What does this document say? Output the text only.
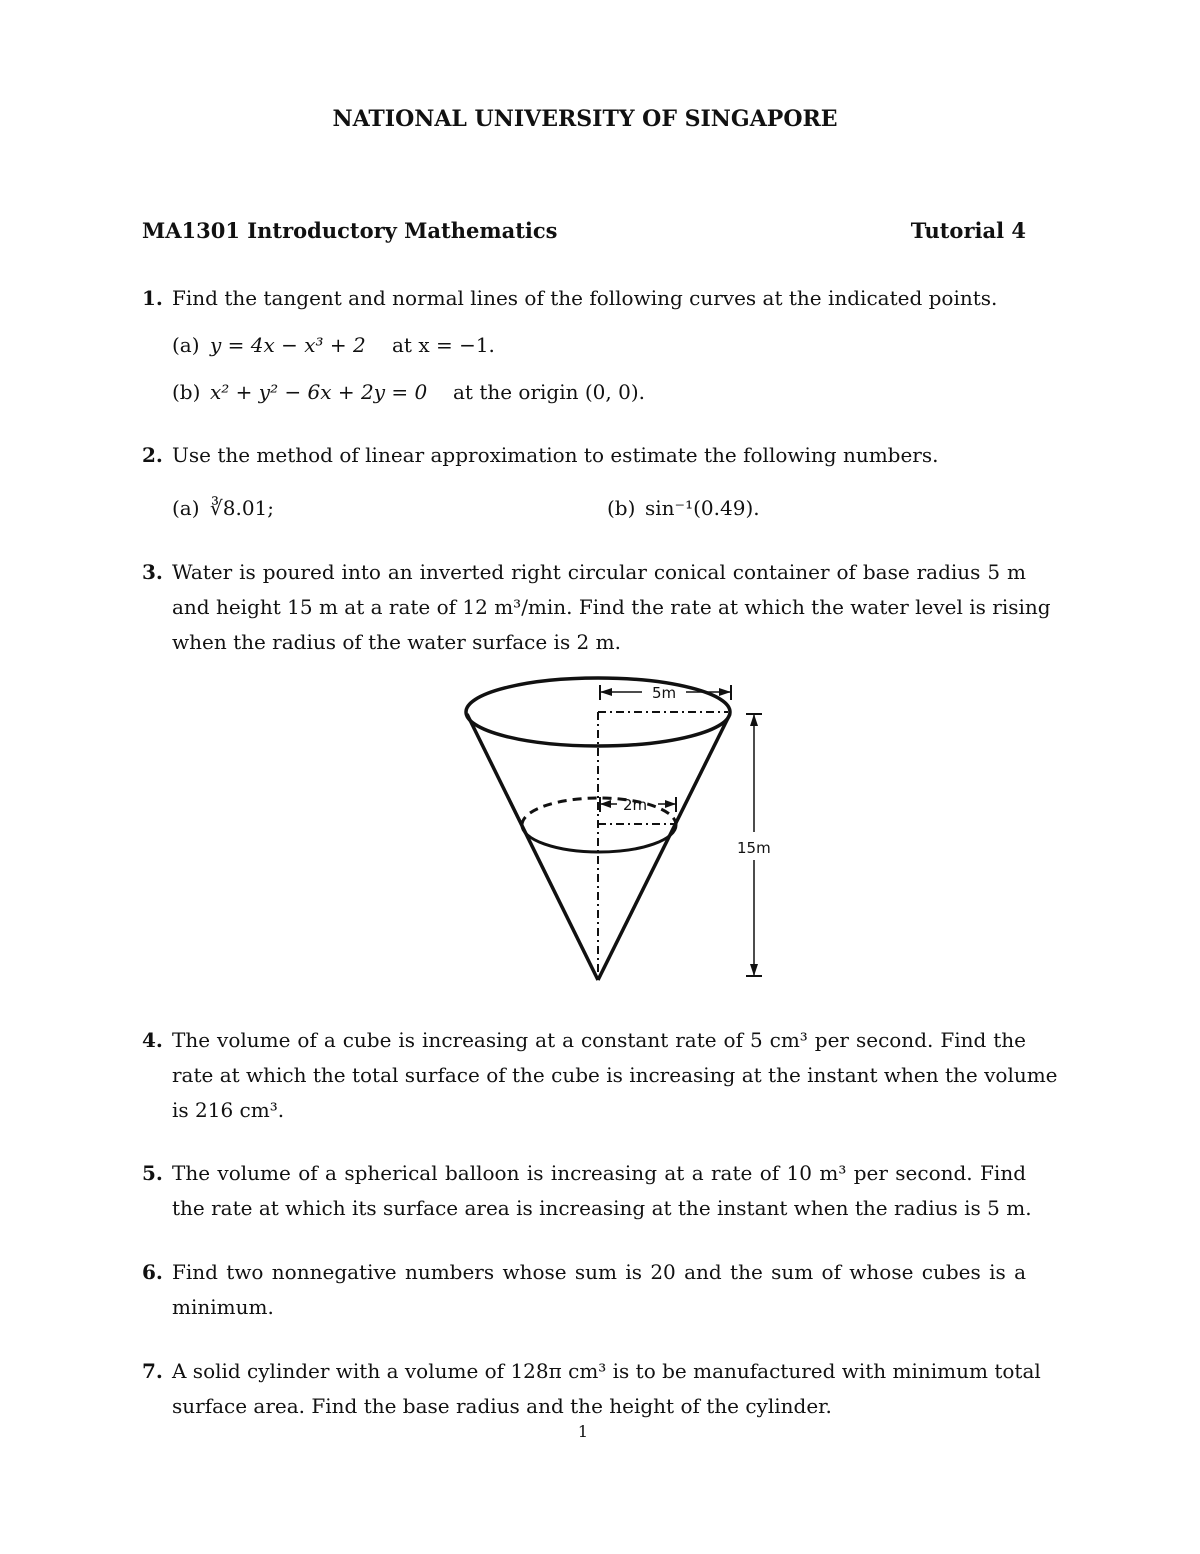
NATIONAL UNIVERSITY OF SINGAPORE
MA1301 Introductory Mathematics	Tutorial 4
1. Find the tangent and normal lines of the following curves at the indicated points.
(a) y = 4x − x³ + 2 at x = −1.
(b) x² + y² − 6x + 2y = 0 at the origin (0, 0).
2. Use the method of linear approximation to estimate the following numbers.
(a) ∛8.01;	(b) sin⁻¹(0.49).
3. Water is poured into an inverted right circular conical container of base radius 5 m
and height 15 m at a rate of 12 m³/min. Find the rate at which the water level is rising
when the radius of the water surface is 2 m.
5m
2m
15m
4. The volume of a cube is increasing at a constant rate of 5 cm³ per second. Find the
rate at which the total surface of the cube is increasing at the instant when the volume
is 216 cm³.
5. The volume of a spherical balloon is increasing at a rate of 10 m³ per second. Find
the rate at which its surface area is increasing at the instant when the radius is 5 m.
6. Find two nonnegative numbers whose sum is 20 and the sum of whose cubes is a
minimum.
7. A solid cylinder with a volume of 128π cm³ is to be manufactured with minimum total
surface area. Find the base radius and the height of the cylinder.
1
